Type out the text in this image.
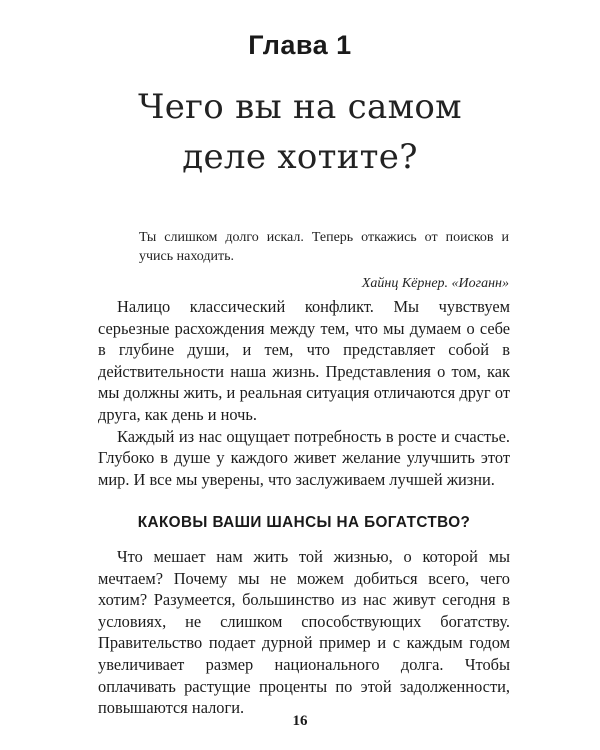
Глава 1
Чего вы на самом
деле хотите?

Ты слишком долго искал. Теперь откажись от поисков и учись находить.

Хайнц Кёрнер. «Иоганн»

Налицо классический конфликт. Мы чувствуем серьезные расхождения между тем, что мы думаем о себе в глубине души, и тем, что представляет собой в действительности наша жизнь. Представления о том, как мы должны жить, и реальная ситуация отличаются друг от друга, как день и ночь.

Каждый из нас ощущает потребность в росте и счастье. Глубоко в душе у каждого живет желание улучшить этот мир. И все мы уверены, что заслуживаем лучшей жизни.

КАКОВЫ ВАШИ ШАНСЫ НА БОГАТСТВО?

Что мешает нам жить той жизнью, о которой мы мечтаем? Почему мы не можем добиться всего, чего хотим? Разумеется, большинство из нас живут сегодня в условиях, не слишком способствующих богатству. Правительство подает дурной пример и с каждым годом увеличивает размер национального долга. Чтобы оплачивать растущие проценты по этой задолженности, повышаются налоги.

16
